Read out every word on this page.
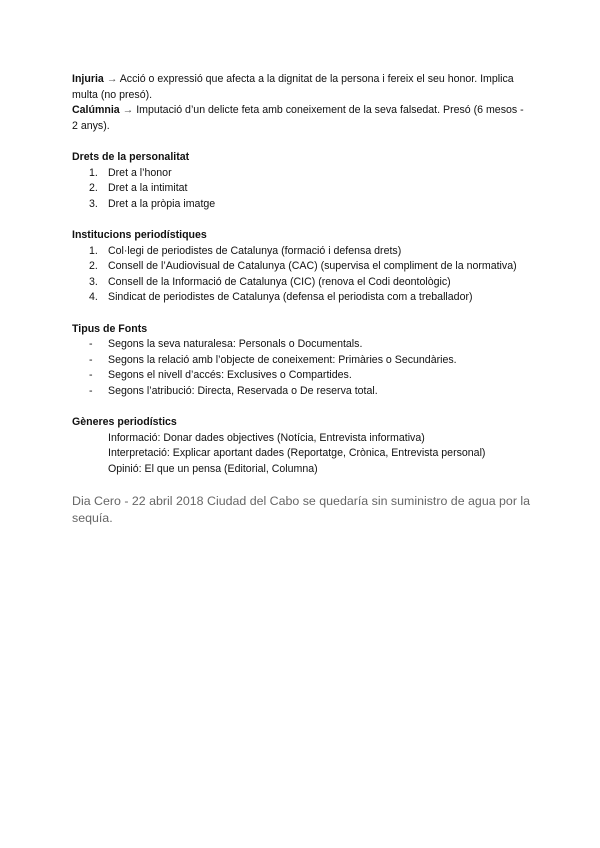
Injuria → Acció o expressió que afecta a la dignitat de la persona i fereix el seu honor. Implica multa (no presó).

Calúmnia → Imputació d’un delicte feta amb coneixement de la seva falsedat. Presó (6 mesos - 2 anys).

Drets de la personalitat
1. Dret a l’honor
2. Dret a la intimitat
3. Dret a la pròpia imatge
Institucions periodístiques
1. Col·legi de periodistes de Catalunya (formació i defensa drets)
2. Consell de l’Audiovisual de Catalunya (CAC) (supervisa el compliment de la normativa)
3. Consell de la Informació de Catalunya (CIC) (renova el Codi deontològic)
4. Sindicat de periodistes de Catalunya (defensa el periodista com a treballador)
Tipus de Fonts
- Segons la seva naturalesa: Personals o Documentals.
- Segons la relació amb l’objecte de coneixement: Primàries o Secundàries.
- Segons el nivell d’accés: Exclusives o Compartides.
- Segons l’atribució: Directa, Reservada o De reserva total.
Gèneres periodístics

Informació: Donar dades objectives (Notícia, Entrevista informativa)

Interpretació: Explicar aportant dades (Reportatge, Crònica, Entrevista personal)

Opinió: El que un pensa (Editorial, Columna)

Dia Cero - 22 abril 2018 Ciudad del Cabo se quedaría sin suministro de agua por la sequía.
